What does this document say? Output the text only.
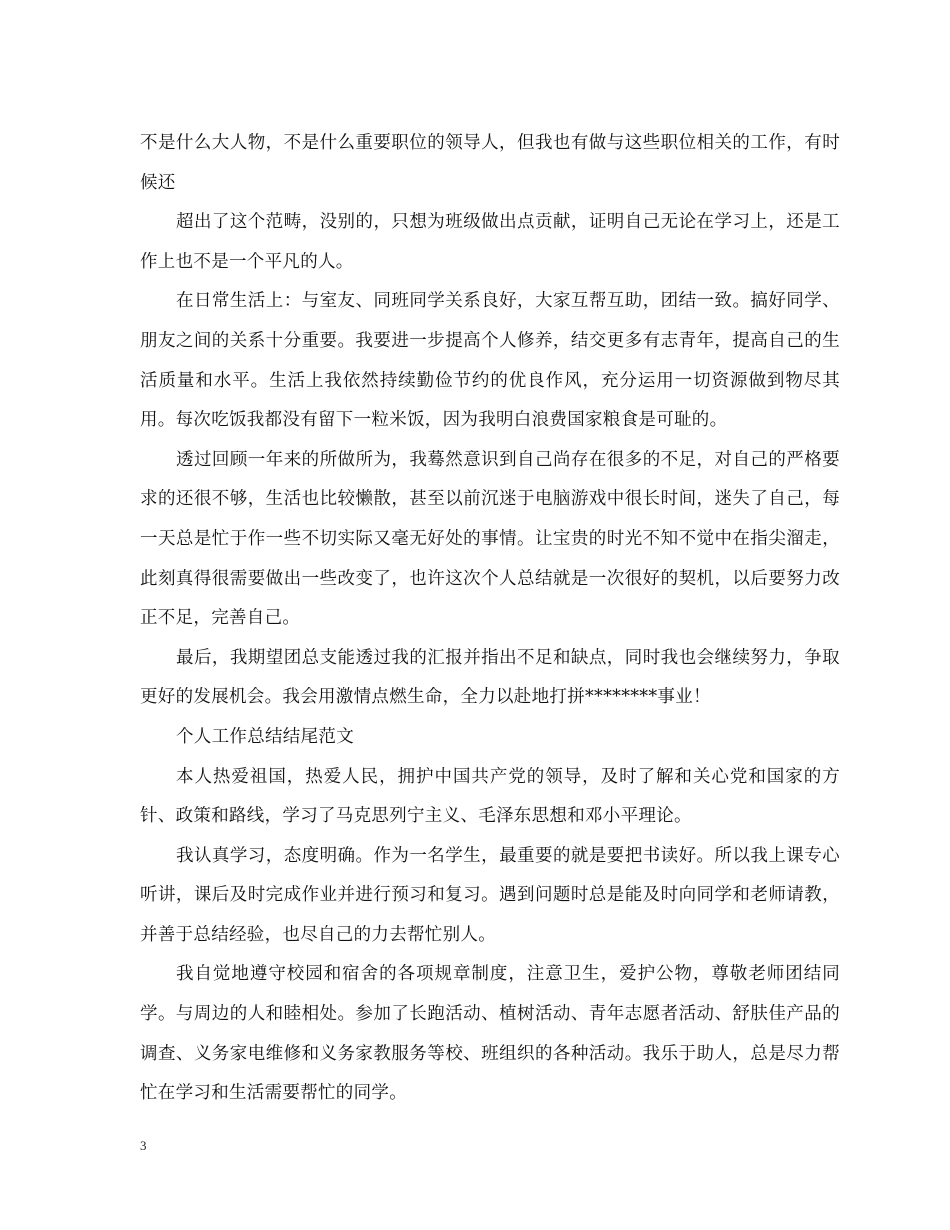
不是什么大人物，不是什么重要职位的领导人，但我也有做与这些职位相关的工作，有时候还

超出了这个范畴，没别的，只想为班级做出点贡献，证明自己无论在学习上，还是工作上也不是一个平凡的人。

在日常生活上：与室友、同班同学关系良好，大家互帮互助，团结一致。搞好同学、朋友之间的关系十分重要。我要进一步提高个人修养，结交更多有志青年，提高自己的生活质量和水平。生活上我依然持续勤俭节约的优良作风，充分运用一切资源做到物尽其用。每次吃饭我都没有留下一粒米饭，因为我明白浪费国家粮食是可耻的。

透过回顾一年来的所做所为，我蓦然意识到自己尚存在很多的不足，对自己的严格要求的还很不够，生活也比较懒散，甚至以前沉迷于电脑游戏中很长时间，迷失了自己，每一天总是忙于作一些不切实际又毫无好处的事情。让宝贵的时光不知不觉中在指尖溜走，此刻真得很需要做出一些改变了，也许这次个人总结就是一次很好的契机，以后要努力改正不足，完善自己。

最后，我期望团总支能透过我的汇报并指出不足和缺点，同时我也会继续努力，争取更好的发展机会。我会用激情点燃生命，全力以赴地打拼********事业！

个人工作总结结尾范文

本人热爱祖国，热爱人民，拥护中国共产党的领导，及时了解和关心党和国家的方针、政策和路线，学习了马克思列宁主义、毛泽东思想和邓小平理论。

我认真学习，态度明确。作为一名学生，最重要的就是要把书读好。所以我上课专心听讲，课后及时完成作业并进行预习和复习。遇到问题时总是能及时向同学和老师请教，并善于总结经验，也尽自己的力去帮忙别人。

我自觉地遵守校园和宿舍的各项规章制度，注意卫生，爱护公物，尊敬老师团结同学。与周边的人和睦相处。参加了长跑活动、植树活动、青年志愿者活动、舒肤佳产品的调查、义务家电维修和义务家教服务等校、班组织的各种活动。我乐于助人，总是尽力帮忙在学习和生活需要帮忙的同学。

3
